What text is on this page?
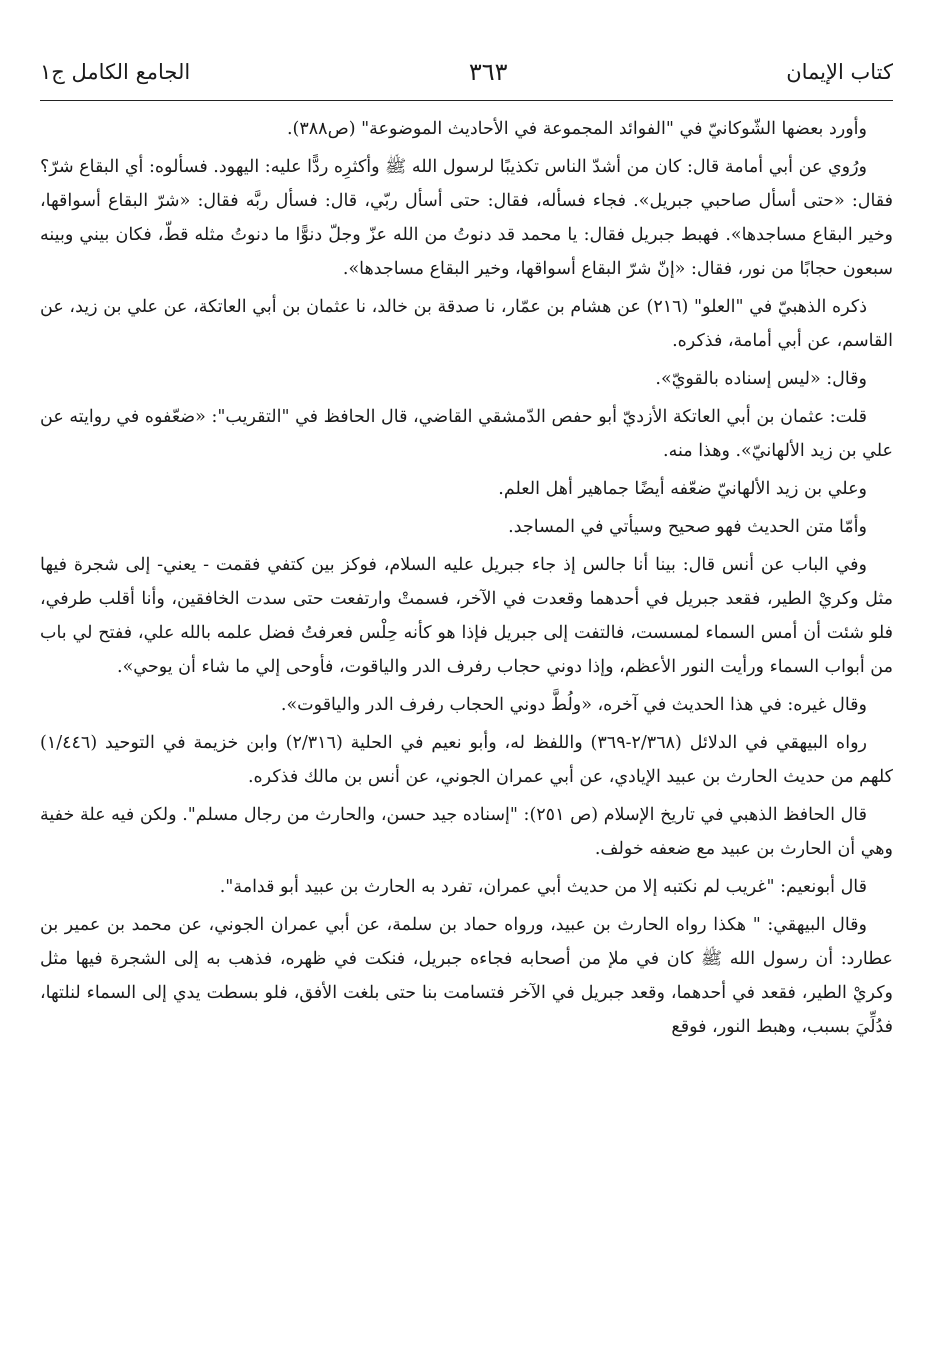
كتاب الإيمان
٣٦٣
الجامع الكامل ج١

وأورد بعضها الشّوكانيّ في "الفوائد المجموعة في الأحاديث الموضوعة" (ص٣٨٨).

ورُوي عن أبي أمامة قال: كان من أشدّ الناس تكذيبًا لرسول الله ﷺ وأكثرِه ردًّا عليه: اليهود. فسألوه: أي البقاع شرّ؟ فقال: «حتى أسأل صاحبي جبريل». فجاء فسأله، فقال: حتى أسأل ربّي، قال: فسأل ربَّه فقال: «شرّ البقاع أسواقها، وخير البقاع مساجدها». فهبط جبريل فقال: يا محمد قد دنوتُ من الله عزّ وجلّ دنوًّا ما دنوتُ مثله قطّ، فكان بيني وبينه سبعون حجابًا من نور، فقال: «إنّ شرّ البقاع أسواقها، وخير البقاع مساجدها».

ذكره الذهبيّ في "العلو" (٢١٦) عن هشام بن عمّار، نا صدقة بن خالد، نا عثمان بن أبي العاتكة، عن علي بن زيد، عن القاسم، عن أبي أمامة، فذكره.

وقال: «ليس إسناده بالقويّ».

قلت: عثمان بن أبي العاتكة الأزديّ أبو حفص الدّمشقي القاضي، قال الحافظ في "التقريب": «ضعّفوه في روايته عن علي بن زيد الألهانيّ». وهذا منه.

وعلي بن زيد الألهانيّ ضعّفه أيضًا جماهير أهل العلم.

وأمّا متن الحديث فهو صحيح وسيأتي في المساجد.

وفي الباب عن أنس قال: بينا أنا جالس إذ جاء جبريل عليه السلام، فوكز بين كتفي فقمت - يعني- إلى شجرة فيها مثل وكريْ الطير، فقعد جبريل في أحدهما وقعدت في الآخر، فسمتْ وارتفعت حتى سدت الخافقين، وأنا أقلب طرفي، فلو شئت أن أمس السماء لمسست، فالتفت إلى جبريل فإذا هو كأنه حِلْس فعرفتُ فضل علمه بالله علي، ففتح لي باب من أبواب السماء ورأيت النور الأعظم، وإذا دوني حجاب رفرف الدر والياقوت، فأوحى إلي ما شاء أن يوحي».

وقال غيره: في هذا الحديث في آخره، «ولُطَّ دوني الحجاب رفرف الدر والياقوت».

رواه البيهقي في الدلائل (٢/٣٦٨-٣٦٩) واللفظ له، وأبو نعيم في الحلية (٢/٣١٦) وابن خزيمة في التوحيد (١/٤٤٦) كلهم من حديث الحارث بن عبيد الإيادي، عن أبي عمران الجوني، عن أنس بن مالك فذكره.

قال الحافظ الذهبي في تاريخ الإسلام (ص ٢٥١): "إسناده جيد حسن، والحارث من رجال مسلم". ولكن فيه علة خفية وهي أن الحارث بن عبيد مع ضعفه خولف.

قال أبونعيم: "غريب لم نكتبه إلا من حديث أبي عمران، تفرد به الحارث بن عبيد أبو قدامة".

وقال البيهقي: " هكذا رواه الحارث بن عبيد، ورواه حماد بن سلمة، عن أبي عمران الجوني، عن محمد بن عمير بن عطارد: أن رسول الله ﷺ كان في ملإ من أصحابه فجاءه جبريل، فنكت في ظهره، فذهب به إلى الشجرة فيها مثل وكريْ الطير، فقعد في أحدهما، وقعد جبريل في الآخر فتسامت بنا حتى بلغت الأفق، فلو بسطت يدي إلى السماء لنلتها، فدُلِّيَ بسبب، وهبط النور، فوقع
